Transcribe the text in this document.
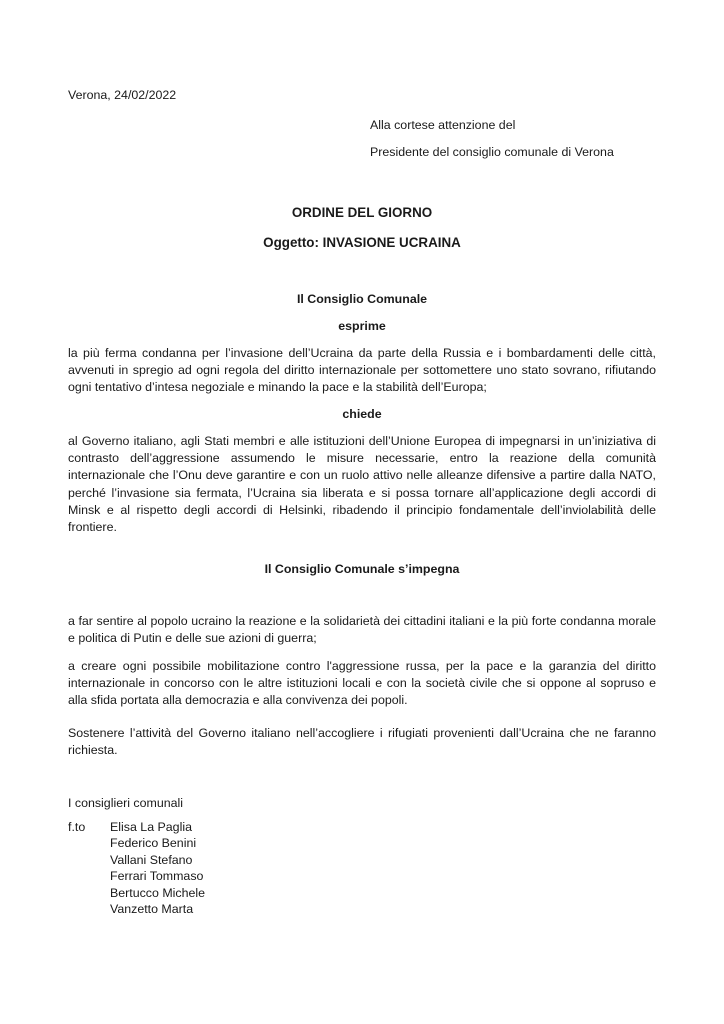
Verona, 24/02/2022
Alla cortese attenzione del
Presidente del consiglio comunale di Verona
ORDINE DEL GIORNO
Oggetto: INVASIONE UCRAINA
Il Consiglio Comunale
esprime
la più ferma condanna per l’invasione dell’Ucraina da parte della Russia e i bombardamenti delle città, avvenuti in spregio ad ogni regola del diritto internazionale per sottomettere uno stato sovrano, rifiutando ogni tentativo d’intesa negoziale e minando la pace e la stabilità dell’Europa;
chiede
al Governo italiano, agli Stati membri e alle istituzioni dell’Unione Europea di impegnarsi in un’iniziativa di contrasto dell’aggressione assumendo le misure necessarie, entro la reazione della comunità internazionale che l’Onu deve garantire e con un ruolo attivo nelle alleanze difensive a partire dalla NATO, perché l’invasione sia fermata, l’Ucraina sia liberata e si possa tornare all’applicazione degli accordi di Minsk e al rispetto degli accordi di Helsinki, ribadendo il principio fondamentale dell’inviolabilità delle frontiere.
Il Consiglio Comunale s’impegna
a far sentire al popolo ucraino la reazione e la solidarietà dei cittadini italiani e la più forte condanna morale e politica di Putin e delle sue azioni di guerra;
a creare ogni possibile mobilitazione contro l'aggressione russa, per la pace e la garanzia del diritto internazionale in concorso con le altre istituzioni locali e con la società civile che si oppone al sopruso e alla sfida portata alla democrazia e alla convivenza dei popoli.
Sostenere l’attività del Governo italiano nell’accogliere i rifugiati provenienti dall’Ucraina che ne faranno richiesta.
I consiglieri comunali
f.to Elisa La Paglia
Federico Benini
Vallani Stefano
Ferrari Tommaso
Bertucco Michele
Vanzetto Marta
